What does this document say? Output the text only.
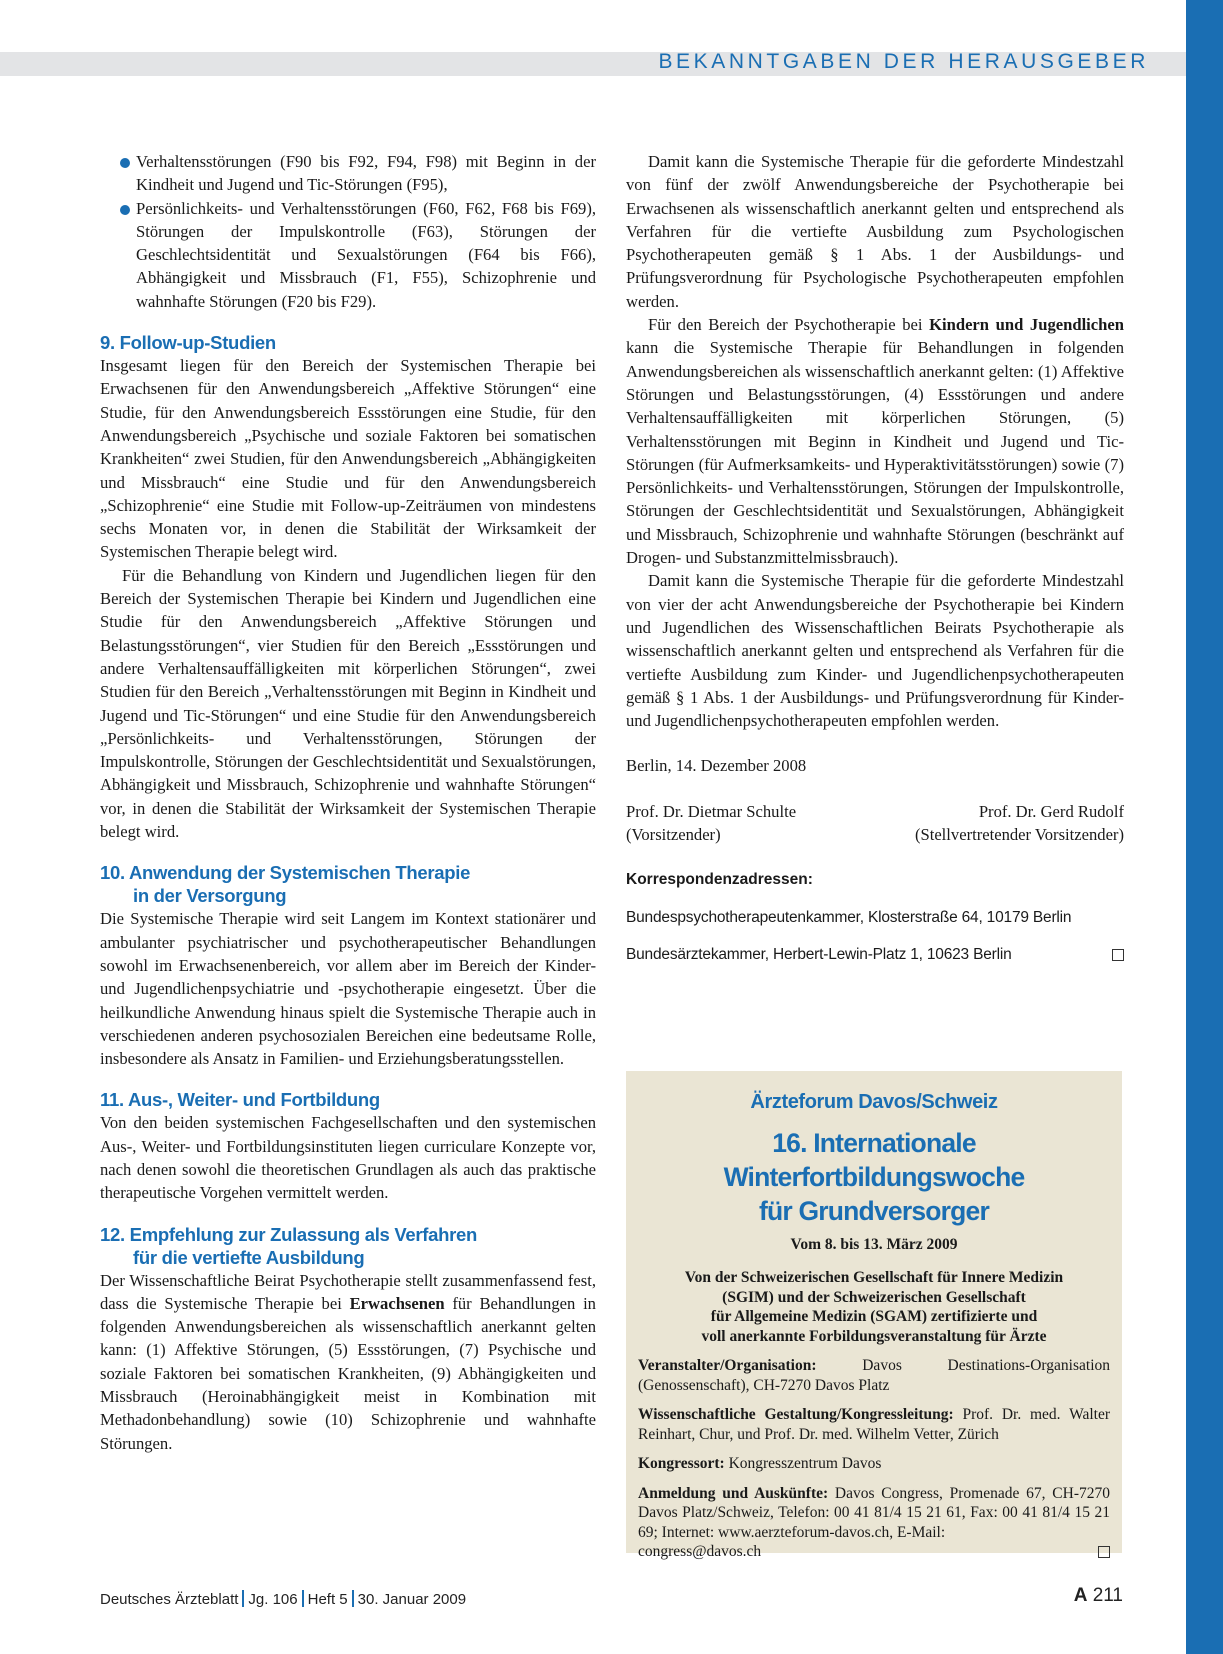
BEKANNTGABEN DER HERAUSGEBER
Verhaltensstörungen (F90 bis F92, F94, F98) mit Beginn in der Kindheit und Jugend und Tic-Störungen (F95),
Persönlichkeits- und Verhaltensstörungen (F60, F62, F68 bis F69), Störungen der Impulskontrolle (F63), Störungen der Geschlechtsidentität und Sexualstörungen (F64 bis F66), Abhängigkeit und Missbrauch (F1, F55), Schizophrenie und wahnhafte Störungen (F20 bis F29).
9. Follow-up-Studien

Insgesamt liegen für den Bereich der Systemischen Therapie bei Erwachsenen für den Anwendungsbereich „Affektive Störungen“ eine Studie, für den Anwendungsbereich Essstörungen eine Studie, für den Anwendungsbereich „Psychische und soziale Faktoren bei somatischen Krankheiten“ zwei Studien, für den Anwendungsbereich „Abhängigkeiten und Missbrauch“ eine Studie und für den Anwendungsbereich „Schizophrenie“ eine Studie mit Follow-up-Zeiträumen von mindestens sechs Monaten vor, in denen die Stabilität der Wirksamkeit der Systemischen Therapie belegt wird.

Für die Behandlung von Kindern und Jugendlichen liegen für den Bereich der Systemischen Therapie bei Kindern und Jugendlichen eine Studie für den Anwendungsbereich „Affektive Störungen und Belastungsstörungen“, vier Studien für den Bereich „Essstörungen und andere Verhaltensauffälligkeiten mit körperlichen Störungen“, zwei Studien für den Bereich „Verhaltensstörungen mit Beginn in Kindheit und Jugend und Tic-Störungen“ und eine Studie für den Anwendungsbereich „Persönlichkeits- und Verhaltensstörungen, Störungen der Impulskontrolle, Störungen der Geschlechtsidentität und Sexualstörungen, Abhängigkeit und Missbrauch, Schizophrenie und wahnhafte Störungen“ vor, in denen die Stabilität der Wirksamkeit der Systemischen Therapie belegt wird.

10. Anwendung der Systemischen Therapie
in der Versorgung

Die Systemische Therapie wird seit Langem im Kontext stationärer und ambulanter psychiatrischer und psychotherapeutischer Behandlungen sowohl im Erwachsenenbereich, vor allem aber im Bereich der Kinder- und Jugendlichenpsychiatrie und -psychotherapie eingesetzt. Über die heilkundliche Anwendung hinaus spielt die Systemische Therapie auch in verschiedenen anderen psychosozialen Bereichen eine bedeutsame Rolle, insbesondere als Ansatz in Familien- und Erziehungsberatungsstellen.

11. Aus-, Weiter- und Fortbildung

Von den beiden systemischen Fachgesellschaften und den systemischen Aus-, Weiter- und Fortbildungsinstituten liegen curriculare Konzepte vor, nach denen sowohl die theoretischen Grundlagen als auch das praktische therapeutische Vorgehen vermittelt werden.

12. Empfehlung zur Zulassung als Verfahren
für die vertiefte Ausbildung

Der Wissenschaftliche Beirat Psychotherapie stellt zusammenfassend fest, dass die Systemische Therapie bei Erwachsenen für Behandlungen in folgenden Anwendungsbereichen als wissenschaftlich anerkannt gelten kann: (1) Affektive Störungen, (5) Essstörungen, (7) Psychische und soziale Faktoren bei somatischen Krankheiten, (9) Abhängigkeiten und Missbrauch (Heroinabhängigkeit meist in Kombination mit Methadonbehandlung) sowie (10) Schizophrenie und wahnhafte Störungen.

Damit kann die Systemische Therapie für die geforderte Mindestzahl von fünf der zwölf Anwendungsbereiche der Psychotherapie bei Erwachsenen als wissenschaftlich anerkannt gelten und entsprechend als Verfahren für die vertiefte Ausbildung zum Psychologischen Psychotherapeuten gemäß § 1 Abs. 1 der Ausbildungs- und Prüfungsverordnung für Psychologische Psychotherapeuten empfohlen werden.

Für den Bereich der Psychotherapie bei Kindern und Jugendlichen kann die Systemische Therapie für Behandlungen in folgenden Anwendungsbereichen als wissenschaftlich anerkannt gelten: (1) Affektive Störungen und Belastungsstörungen, (4) Essstörungen und andere Verhaltensauffälligkeiten mit körperlichen Störungen, (5) Verhaltensstörungen mit Beginn in Kindheit und Jugend und Tic-Störungen (für Aufmerksamkeits- und Hyperaktivitätsstörungen) sowie (7) Persönlichkeits- und Verhaltensstörungen, Störungen der Impulskontrolle, Störungen der Geschlechtsidentität und Sexualstörungen, Abhängigkeit und Missbrauch, Schizophrenie und wahnhafte Störungen (beschränkt auf Drogen- und Substanzmittelmissbrauch).

Damit kann die Systemische Therapie für die geforderte Mindestzahl von vier der acht Anwendungsbereiche der Psychotherapie bei Kindern und Jugendlichen des Wissenschaftlichen Beirats Psychotherapie als wissenschaftlich anerkannt gelten und entsprechend als Verfahren für die vertiefte Ausbildung zum Kinder- und Jugendlichenpsychotherapeuten gemäß § 1 Abs. 1 der Ausbildungs- und Prüfungsverordnung für Kinder- und Jugendlichenpsychotherapeuten empfohlen werden.

Berlin, 14. Dezember 2008
Prof. Dr. Dietmar Schulte
(Vorsitzender)
Prof. Dr. Gerd Rudolf
(Stellvertretender Vorsitzender)
Korrespondenzadressen:
Bundespsychotherapeutenkammer, Klosterstraße 64, 10179 Berlin
Bundesärztekammer, Herbert-Lewin-Platz 1, 10623 Berlin
Ärzteforum Davos/Schweiz
16. Internationale Winterfortbildungswoche
für Grundversorger
Vom 8. bis 13. März 2009
Von der Schweizerischen Gesellschaft für Innere Medizin
(SGIM) und der Schweizerischen Gesellschaft
für Allgemeine Medizin (SGAM) zertifizierte und
voll anerkannte Forbildungsveranstaltung für Ärzte
Veranstalter/Organisation: Davos Destinations-Organisation (Genossenschaft), CH-7270 Davos Platz
Wissenschaftliche Gestaltung/Kongressleitung: Prof. Dr. med. Walter Reinhart, Chur, und Prof. Dr. med. Wilhelm Vetter, Zürich
Kongressort: Kongresszentrum Davos
Anmeldung und Auskünfte: Davos Congress, Promenade 67, CH-7270 Davos Platz/Schweiz, Telefon: 00 41 81/4 15 21 61, Fax: 00 41 81/4 15 21 69; Internet: www.aerzteforum-davos.ch, E-Mail:
congress@davos.ch
Deutsches Ärzteblatt Jg. 106 Heft 5 30. Januar 2009	A 211
